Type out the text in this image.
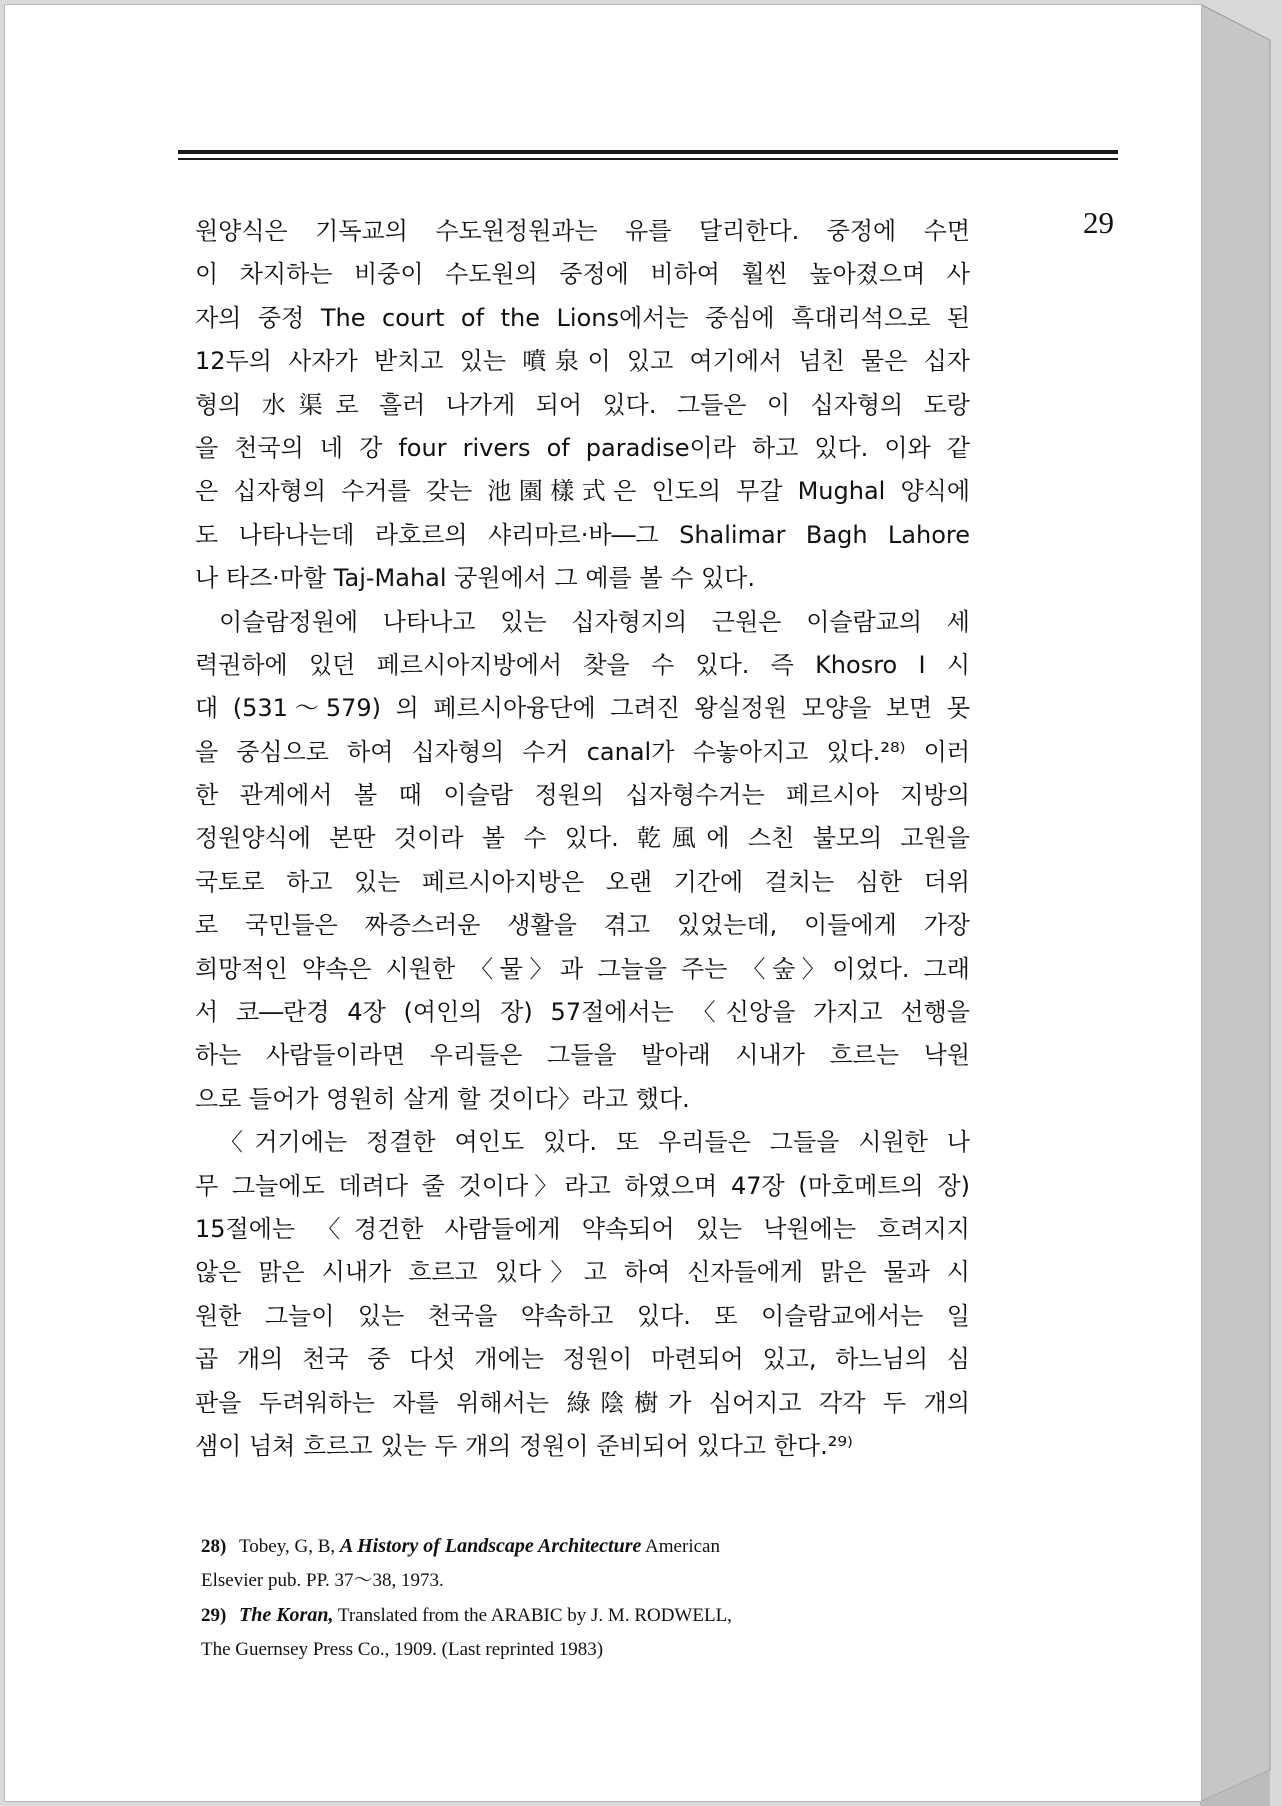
29
원양식은 기독교의 수도원정원과는 유를 달리한다. 중정에 수면
이 차지하는 비중이 수도원의 중정에 비하여 훨씬 높아졌으며 사
자의 중정 The court of the Lions에서는 중심에 흑대리석으로 된
12두의 사자가 받치고 있는 噴泉이 있고 여기에서 넘친 물은 십자
형의 水渠로 흘러 나가게 되어 있다. 그들은 이 십자형의 도랑
을 천국의 네 강 four rivers of paradise이라 하고 있다. 이와 같
은 십자형의 수거를 갖는 池園樣式은 인도의 무갈 Mughal 양식에
도 나타나는데 라호르의 샤리마르·바―그 Shalimar Bagh Lahore
나 타즈·마할 Taj-Mahal 궁원에서 그 예를 볼 수 있다.
이슬람정원에 나타나고 있는 십자형지의 근원은 이슬람교의 세
력권하에 있던 페르시아지방에서 찾을 수 있다. 즉 Khosro I 시
대 (531～579) 의 페르시아융단에 그려진 왕실정원 모양을 보면 못
을 중심으로 하여 십자형의 수거 canal가 수놓아지고 있다.²⁸⁾ 이러
한 관계에서 볼 때 이슬람 정원의 십자형수거는 페르시아 지방의
정원양식에 본딴 것이라 볼 수 있다. 乾風에 스친 불모의 고원을
국토로 하고 있는 페르시아지방은 오랜 기간에 걸치는 심한 더위
로 국민들은 짜증스러운 생활을 겪고 있었는데, 이들에게 가장
희망적인 약속은 시원한 〈물〉과 그늘을 주는 〈숲〉이었다. 그래
서 코―란경 4장 (여인의 장) 57절에서는 〈신앙을 가지고 선행을
하는 사람들이라면 우리들은 그들을 발아래 시내가 흐르는 낙원
으로 들어가 영원히 살게 할 것이다〉라고 했다.
〈거기에는 정결한 여인도 있다. 또 우리들은 그들을 시원한 나
무 그늘에도 데려다 줄 것이다〉라고 하였으며 47장 (마호메트의 장)
15절에는 〈경건한 사람들에게 약속되어 있는 낙원에는 흐려지지
않은 맑은 시내가 흐르고 있다〉고 하여 신자들에게 맑은 물과 시
원한 그늘이 있는 천국을 약속하고 있다. 또 이슬람교에서는 일
곱 개의 천국 중 다섯 개에는 정원이 마련되어 있고, 하느님의 심
판을 두려워하는 자를 위해서는 綠陰樹가 심어지고 각각 두 개의
샘이 넘쳐 흐르고 있는 두 개의 정원이 준비되어 있다고 한다.²⁹⁾
28) Tobey, G, B, A History of Landscape Architecture American
Elsevier pub. PP. 37～38, 1973.
29) The Koran, Translated from the ARABIC by J. M. RODWELL,
The Guernsey Press Co., 1909. (Last reprinted 1983)
